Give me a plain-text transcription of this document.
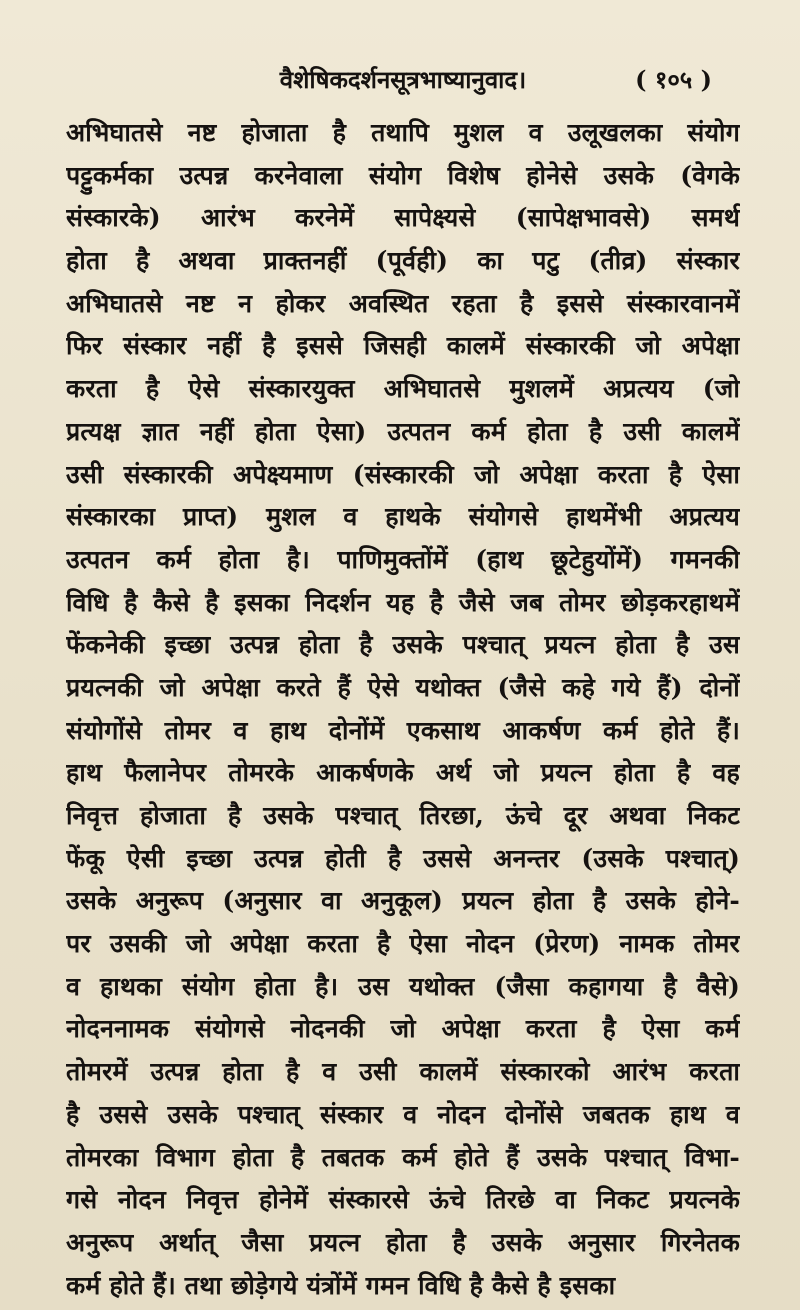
वैशेषिकदर्शनसूत्रभाष्यानुवाद।	( १०५ )
अभिघातसे नष्ट होजाता है तथापि मुशल व उलूखलका संयोग
पट्टुकर्मका उत्पन्न करनेवाला संयोग विशेष होनेसे उसके (वेगके
संस्कारके) आरंभ करनेमें सापेक्ष्यसे (सापेक्षभावसे) समर्थ
होता है अथवा प्राक्तनहीं (पूर्वही) का पटु (तीव्र) संस्कार
अभिघातसे नष्ट न होकर अवस्थित रहता है इससे संस्कारवानमें
फिर संस्कार नहीं है इससे जिसही कालमें संस्कारकी जो अपेक्षा
करता है ऐसे संस्कारयुक्त अभिघातसे मुशलमें अप्रत्यय (जो
प्रत्यक्ष ज्ञात नहीं होता ऐसा) उत्पतन कर्म होता है उसी कालमें
उसी संस्कारकी अपेक्ष्यमाण (संस्कारकी जो अपेक्षा करता है ऐसा
संस्कारका प्राप्त) मुशल व हाथके संयोगसे हाथमेंभी अप्रत्यय
उत्पतन कर्म होता है। पाणिमुक्तोंमें (हाथ छूटेहुयोंमें) गमनकी
विधि है कैसे है इसका निदर्शन यह है जैसे जब तोमर छोड़करहाथमें
फेंकनेकी इच्छा उत्पन्न होता है उसके पश्चात् प्रयत्न होता है उस
प्रयत्नकी जो अपेक्षा करते हैं ऐसे यथोक्त (जैसे कहे गये हैं) दोनों
संयोगोंसे तोमर व हाथ दोनोंमें एकसाथ आकर्षण कर्म होते हैं।
हाथ फैलानेपर तोमरके आकर्षणके अर्थ जो प्रयत्न होता है वह
निवृत्त होजाता है उसके पश्चात् तिरछा, ऊंचे दूर अथवा निकट
फेंकू ऐसी इच्छा उत्पन्न होती है उससे अनन्तर (उसके पश्चात्)
उसके अनुरूप (अनुसार वा अनुकूल) प्रयत्न होता है उसके होने-
पर उसकी जो अपेक्षा करता है ऐसा नोदन (प्रेरण) नामक तोमर
व हाथका संयोग होता है। उस यथोक्त (जैसा कहागया है वैसे)
नोदननामक संयोगसे नोदनकी जो अपेक्षा करता है ऐसा कर्म
तोमरमें उत्पन्न होता है व उसी कालमें संस्कारको आरंभ करता
है उससे उसके पश्चात् संस्कार व नोदन दोनोंसे जबतक हाथ व
तोमरका विभाग होता है तबतक कर्म होते हैं उसके पश्चात् विभा-
गसे नोदन निवृत्त होनेमें संस्कारसे ऊंचे तिरछे वा निकट प्रयत्नके
अनुरूप अर्थात् जैसा प्रयत्न होता है उसके अनुसार गिरनेतक
कर्म होते हैं। तथा छोड़ेगये यंत्रोंमें गमन विधि है कैसे है इसका
